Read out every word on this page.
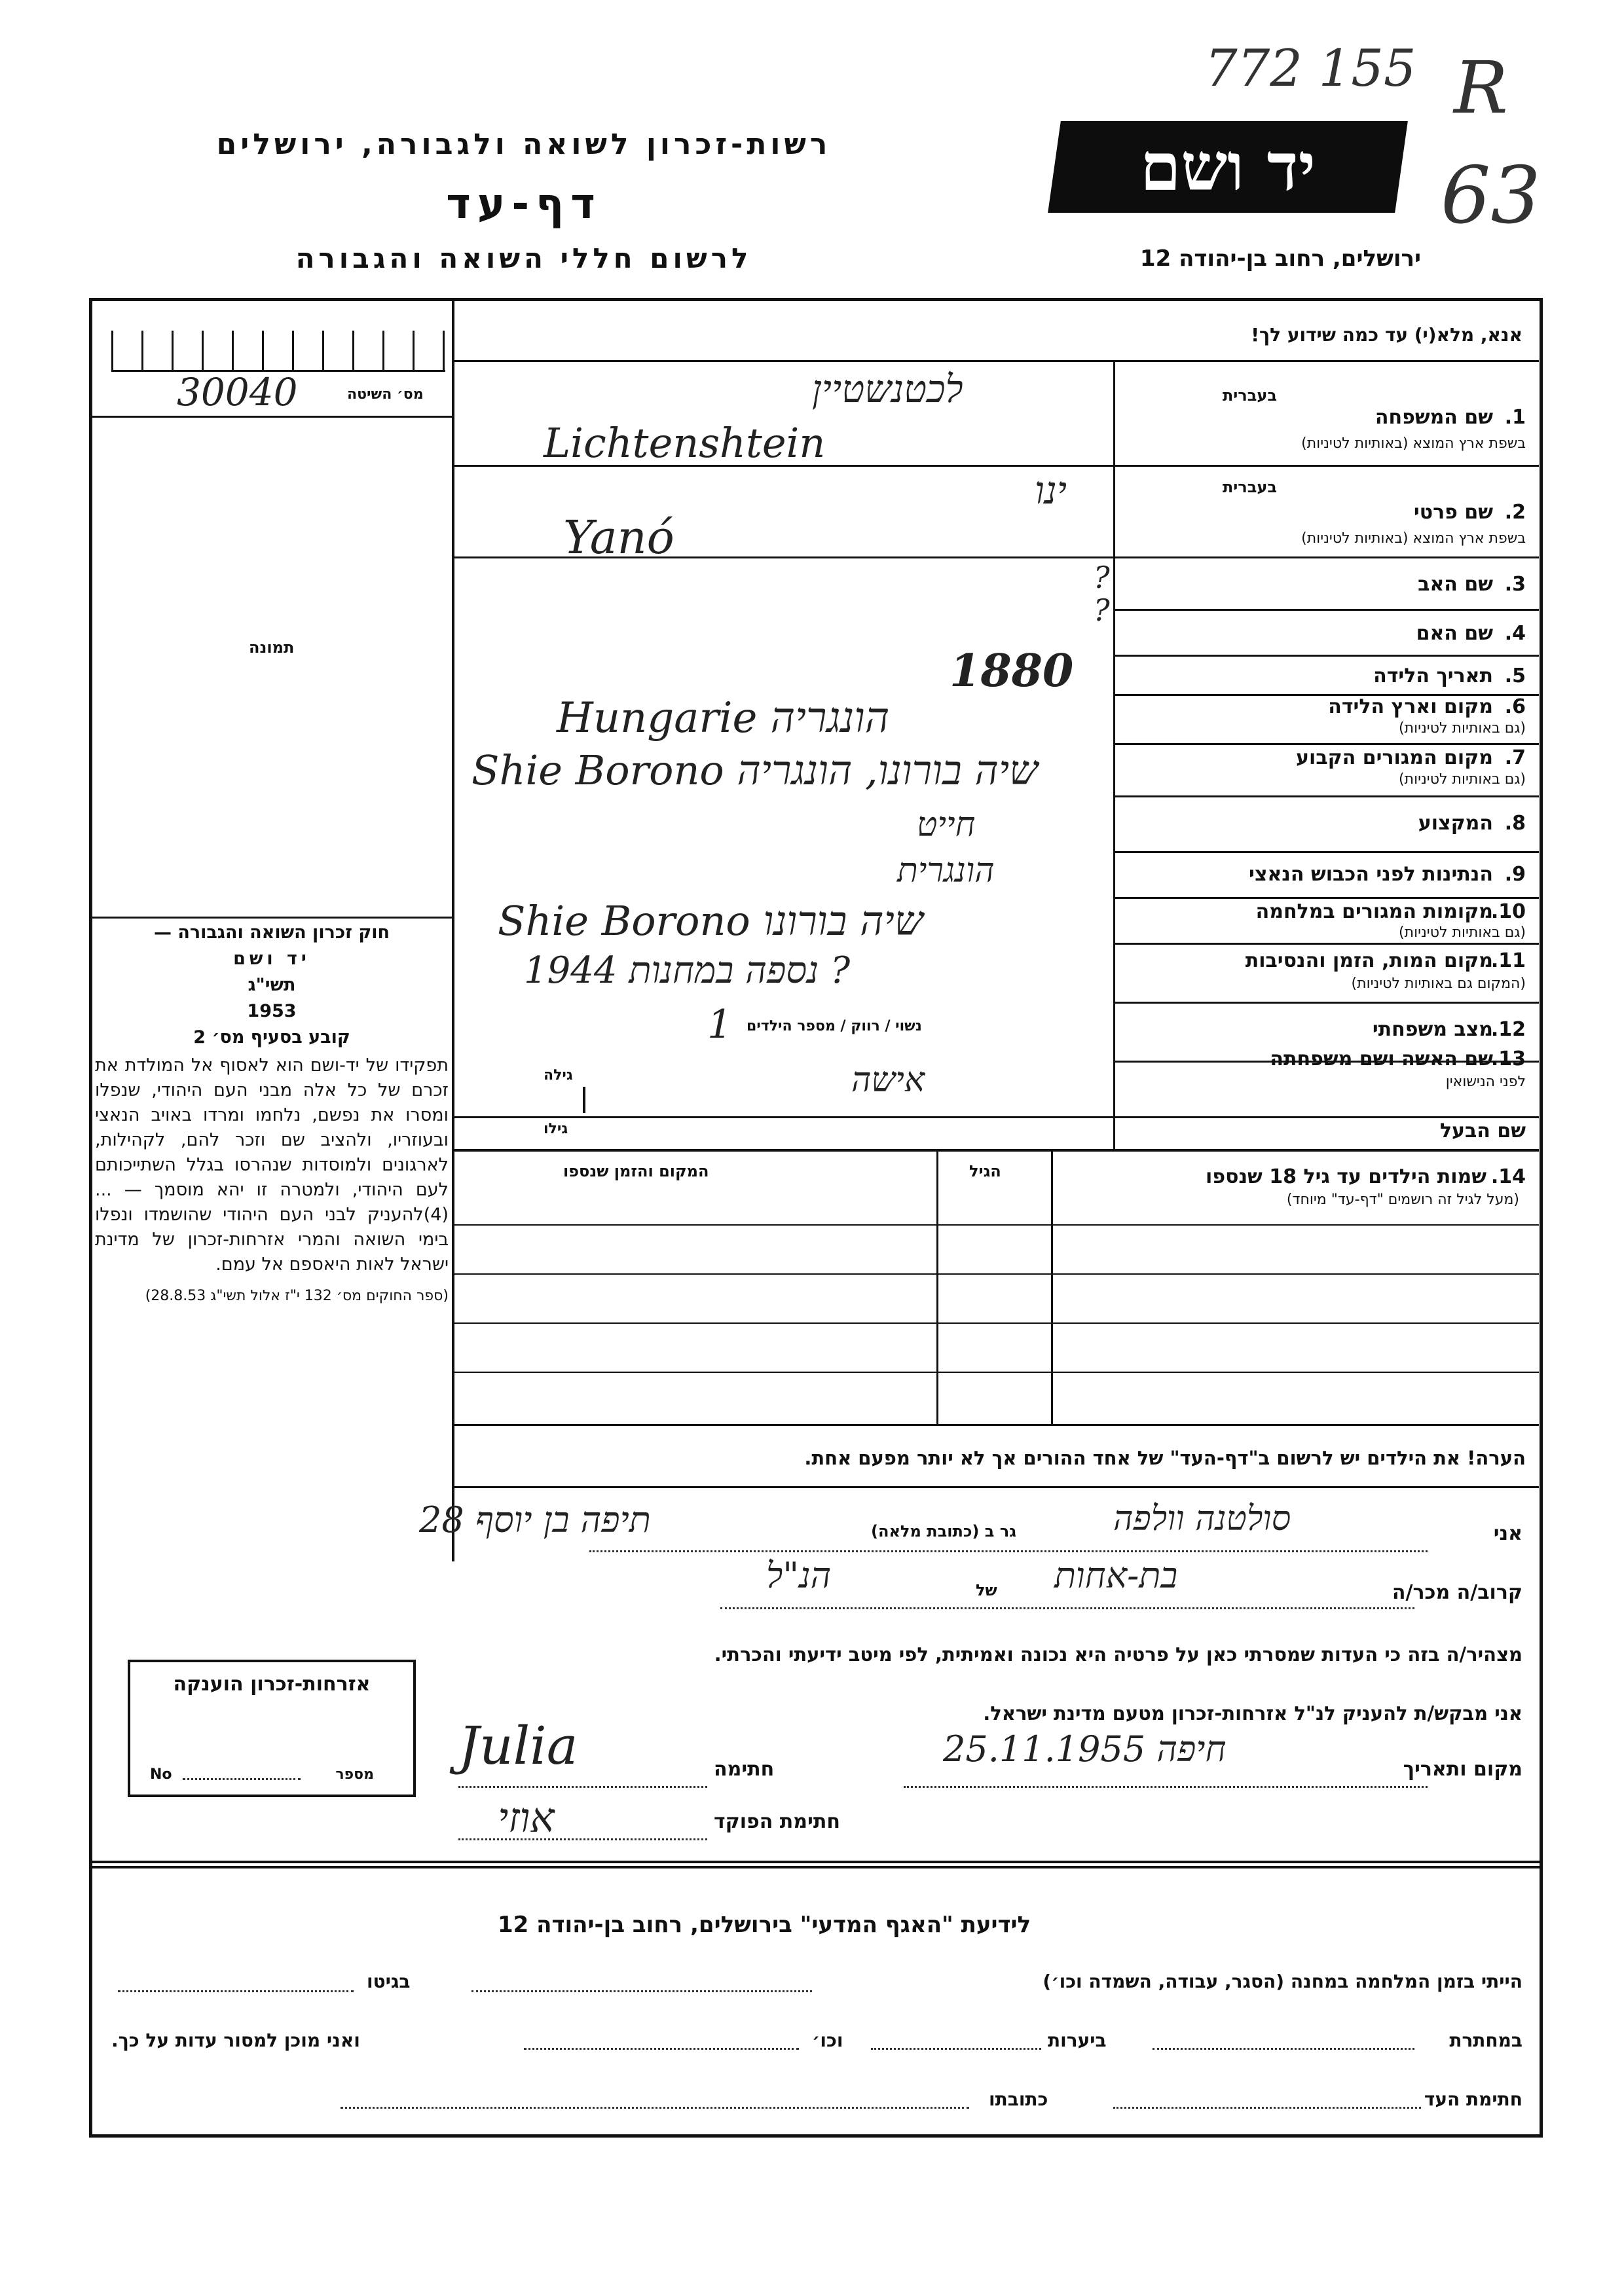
772 155 R
63
רשות-זכרון לשואה ולגבורה, ירושלים
דף-עד
לרשום חללי השואה והגבורה
יד ושם
ירושלים, רחוב בן-יהודה 12
אנא, מלא(י) עד כמה שידוע לך!
מס׳ השיטה
30040
תמונה
1.
שם המשפחה
בשפת ארץ המוצא (באותיות לטיניות)
בעברית
לכטנשטיין
Lichtenshtein
2.
שם פרטי
בשפת ארץ המוצא (באותיות לטיניות)
בעברית
ינו
Yanó
3.
שם האב
?
4.
שם האם
?
5.
תאריך הלידה
1880
6.
מקום וארץ הלידה
(גם באותיות לטיניות)
Hungarie הונגריה
7.
מקום המגורים הקבוע
(גם באותיות לטיניות)
Shie Borono שיה בורונו, הונגריה
8.
המקצוע
חייט
9.
הנתינות לפני הכבוש הנאצי
הונגרית
10.
מקומות המגורים במלחמה
(גם באותיות לטיניות)
Shie Borono שיה בורונו
11.
מקום המות, הזמן והנסיבות
(המקום גם באותיות לטיניות)
1944 נספה במחנות ?
12.
מצב משפחתי
נשוי / רווק / מספר הילדים
1
13.
שם האשה ושם משפחתה
לפני הנישואין
גילה	אישה
שם הבעל
גילו
14.
שמות הילדים עד גיל 18 שנספו
(מעל לגיל זה רושמים "דף-עד" מיוחד)
הגיל
המקום והזמן שנספו
חוק זכרון השואה והגבורה —
יד ושם
תשי"ג
1953
קובע בסעיף מס׳ 2
תפקידו של יד-ושם הוא לאסוף אל המולדת את זכרם של כל אלה מבני העם היהודי, שנפלו ומסרו את נפשם, נלחמו ומרדו באויב הנאצי ובעוזריו, ולהציב שם וזכר להם, לקהילות, לארגונים ולמוסדות שנהרסו בגלל השתייכותם לעם היהודי, ולמטרה זו יהא מוסמך — ...(4)להעניק לבני העם היהודי שהושמדו ונפלו בימי השואה והמרי אזרחות-זכרון של מדינת ישראל לאות היאספם אל עמם.
(ספר החוקים מס׳ 132 י"ז אלול תשי"ג 28.8.53)
הערה! את הילדים יש לרשום ב"דף-העד" של אחד ההורים אך לא יותר מפעם אחת.
אני
סולטנה וולפה
גר ב (כתובת מלאה)
תיפה בן יוסף 28
קרוב/ה מכר/ה
בת-אחות
של
הנ"ל
מצהיר/ה בזה כי העדות שמסרתי כאן על פרטיה היא נכונה ואמיתית, לפי מיטב ידיעתי והכרתי.
אני מבקש/ת להעניק לנ"ל אזרחות-זכרון מטעם מדינת ישראל.
מקום ותאריך
חיפה 25.11.1955
חתימה
Julia
חתימת הפוקד
אוזי
אזרחות-זכרון הוענקה
No	מספר
לידיעת "האגף המדעי" בירושלים, רחוב בן-יהודה 12
הייתי בזמן המלחמה במחנה (הסגר, עבודה, השמדה וכו׳)
בגיטו
במחתרת
ביערות
וכו׳
ואני מוכן למסור עדות על כך.
חתימת העד
כתובתו
